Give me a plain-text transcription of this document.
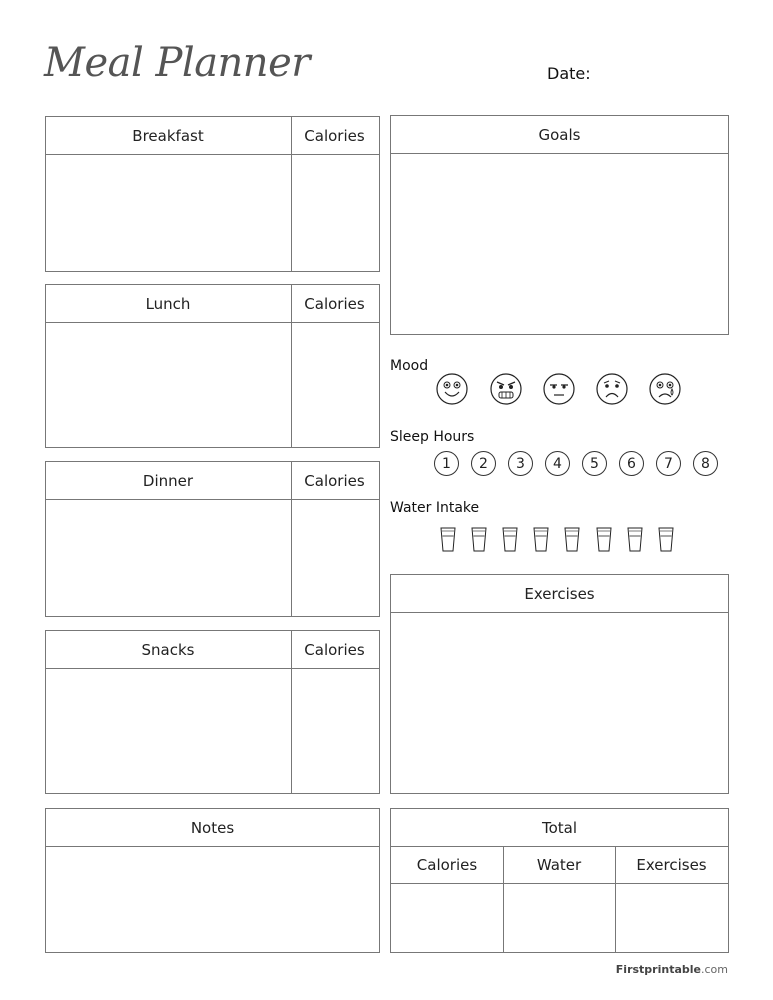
Meal Planner	Date:
Breakfast	Calories
Lunch	Calories
Dinner	Calories
Snacks	Calories
Notes
Goals
Mood
Sleep Hours
1	2	3	4	5	6	7	8
Water Intake
Exercises
Total
Calories	Water	Exercises
Firstprintable.com
